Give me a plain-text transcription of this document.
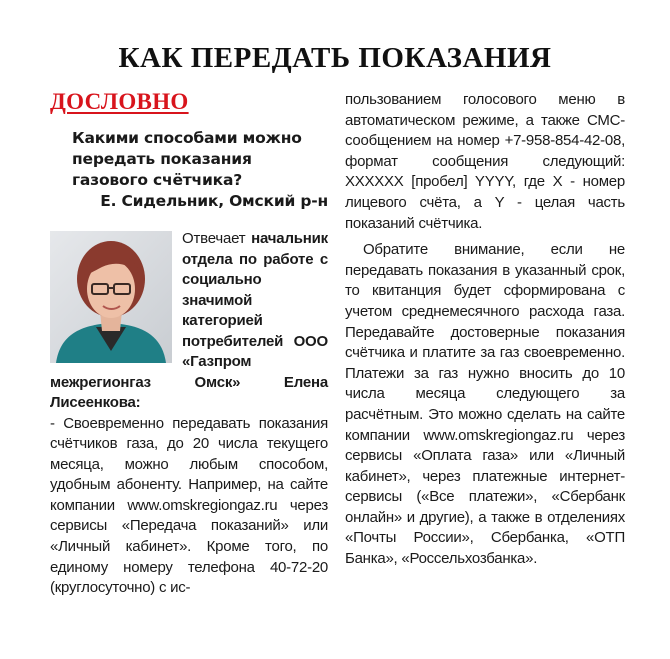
КАК ПЕРЕДАТЬ ПОКАЗАНИЯ
ДОСЛОВНО

Какими способами можно передать показания газового счётчика?

Е. Сидельник, Омский р-н

Отвечает начальник отдела по работе с социально значимой категорией потребителей ООО «Газпром межрегионгаз Омск» Елена Лисеенкова:

- Своевременно передавать показания счётчиков газа, до 20 числа текущего месяца, можно любым способом, удобным абоненту. Например, на сайте компании www.omskregiongaz.ru через сервисы «Передача показаний» или «Личный кабинет». Кроме того, по единому номеру телефона 40-72-20 (круглосуточно) с ис-

пользованием голосового меню в автоматическом режиме, а также СМС-сообщением на номер +7-958-854-42-08, формат сообщения следующий: XXXXXX [пробел] YYYY, где X - номер лицевого счёта, а Y - целая часть показаний счётчика.

Обратите внимание, если не передавать показания в указанный срок, то квитанция будет сформирована с учетом среднемесячного расхода газа. Передавайте достоверные показания счётчика и платите за газ своевременно. Платежи за газ нужно вносить до 10 числа месяца следующего за расчётным. Это можно сделать на сайте компании www.omskregiongaz.ru через сервисы «Оплата газа» или «Личный кабинет», через платежные интернет-сервисы («Все платежи», «Сбербанк онлайн» и другие), а также в отделениях «Почты России», Сбербанка, «ОТП Банка», «Россельхозбанка».
